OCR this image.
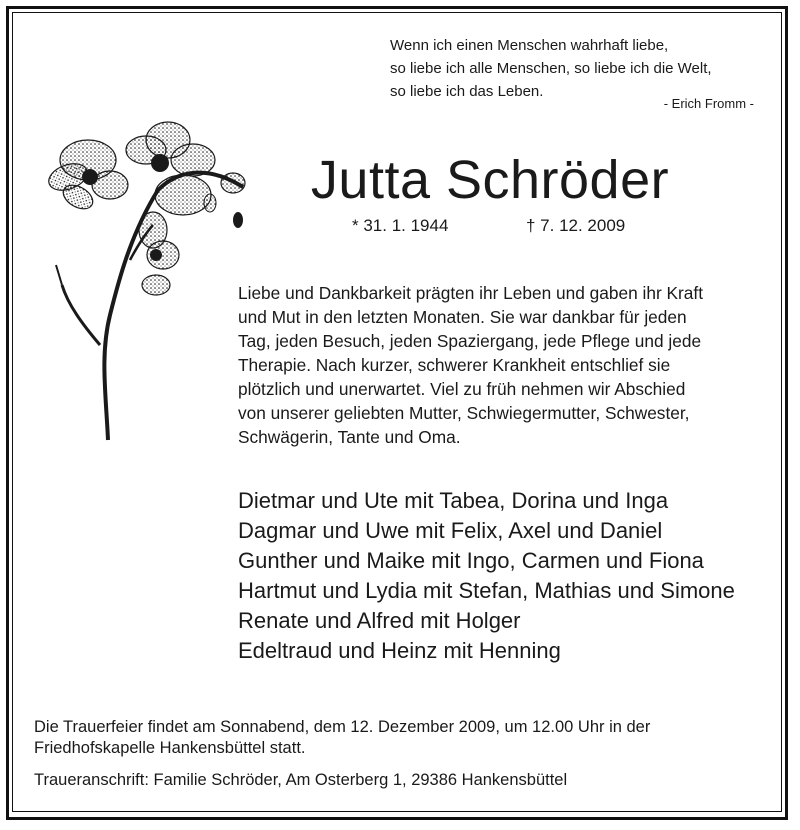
Wenn ich einen Menschen wahrhaft liebe,
so liebe ich alle Menschen, so liebe ich die Welt,
so liebe ich das Leben.
- Erich Fromm -
Jutta Schröder
* 31. 1. 1944	† 7. 12. 2009
Liebe und Dankbarkeit prägten ihr Leben und gaben ihr Kraft
und Mut in den letzten Monaten. Sie war dankbar für jeden
Tag, jeden Besuch, jeden Spaziergang, jede Pflege und jede
Therapie. Nach kurzer, schwerer Krankheit entschlief sie
plötzlich und unerwartet. Viel zu früh nehmen wir Abschied
von unserer geliebten Mutter, Schwiegermutter, Schwester,
Schwägerin, Tante und Oma.
Dietmar und Ute mit Tabea, Dorina und Inga
Dagmar und Uwe mit Felix, Axel und Daniel
Gunther und Maike mit Ingo, Carmen und Fiona
Hartmut und Lydia mit Stefan, Mathias und Simone
Renate und Alfred mit Holger
Edeltraud und Heinz mit Henning
Die Trauerfeier findet am Sonnabend, dem 12. Dezember 2009, um 12.00 Uhr in der
Friedhofskapelle Hankensbüttel statt.
Traueranschrift: Familie Schröder, Am Osterberg 1, 29386 Hankensbüttel
